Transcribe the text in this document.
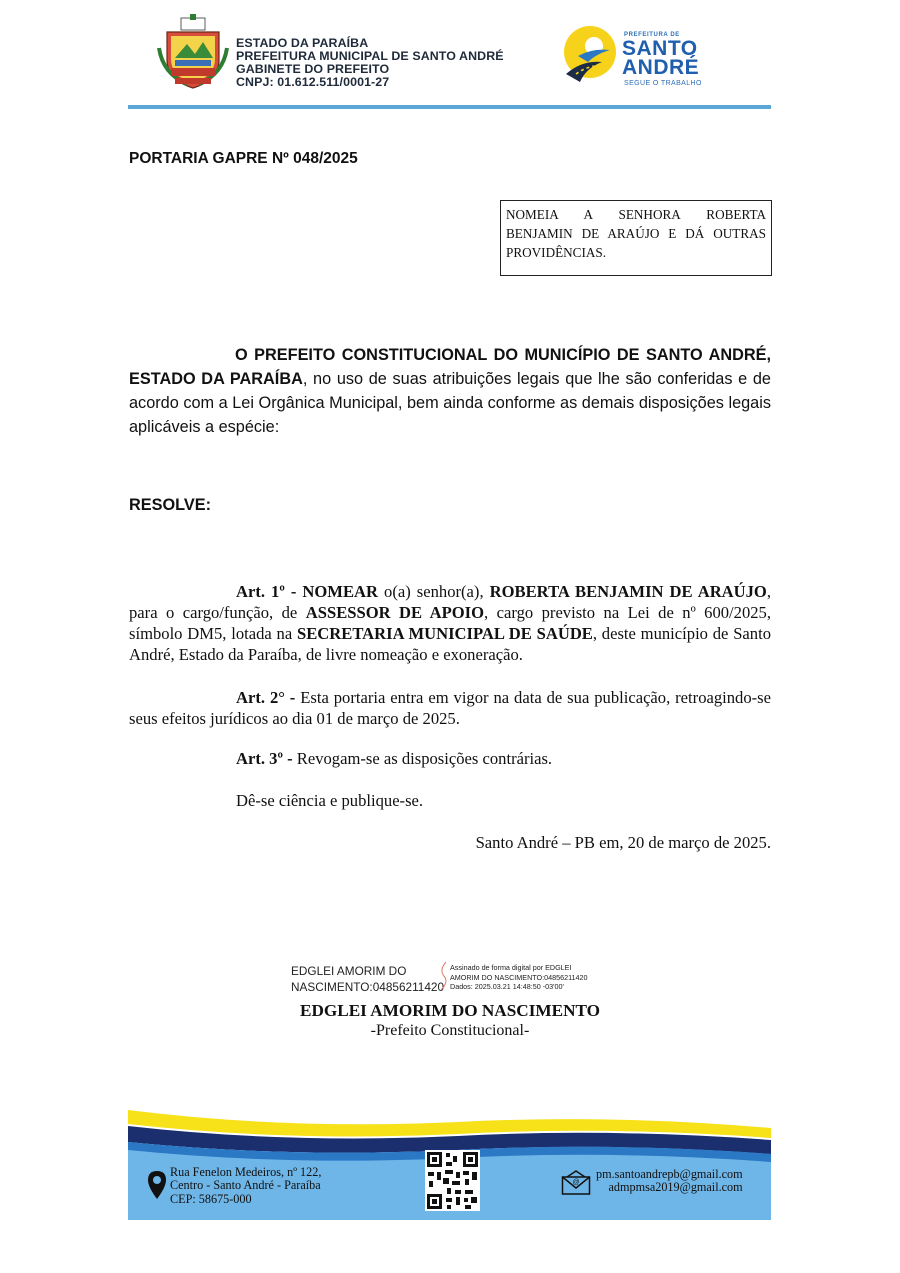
ESTADO DA PARAÍBA
PREFEITURA MUNICIPAL DE SANTO ANDRÉ
GABINETE DO PREFEITO
CNPJ: 01.612.511/0001-27
PREFEITURA DE
SANTO
ANDRÉ
SEGUE O TRABALHO
PORTARIA GAPRE Nº 048/2025
NOMEIA A SENHORA ROBERTA BENJAMIN DE ARAÚJO E DÁ OUTRAS PROVIDÊNCIAS.
O PREFEITO CONSTITUCIONAL DO MUNICÍPIO DE SANTO ANDRÉ, ESTADO DA PARAÍBA, no uso de suas atribuições legais que lhe são conferidas e de acordo com a Lei Orgânica Municipal, bem ainda conforme as demais disposições legais aplicáveis a espécie:
RESOLVE:
Art. 1º - NOMEAR o(a) senhor(a), ROBERTA BENJAMIN DE ARAÚJO, para o cargo/função, de ASSESSOR DE APOIO, cargo previsto na Lei de nº 600/2025, símbolo DM5, lotada na SECRETARIA MUNICIPAL DE SAÚDE, deste município de Santo André, Estado da Paraíba, de livre nomeação e exoneração.
Art. 2° - Esta portaria entra em vigor na data de sua publicação, retroagindo-se seus efeitos jurídicos ao dia 01 de março de 2025.
Art. 3º - Revogam-se as disposições contrárias.
Dê-se ciência e publique-se.
Santo André – PB em, 20 de março de 2025.
EDGLEI AMORIM DO
NASCIMENTO:04856211420
Assinado de forma digital por EDGLEI
AMORIM DO NASCIMENTO:04856211420
Dados: 2025.03.21 14:48:50 -03'00'
EDGLEI AMORIM DO NASCIMENTO
-Prefeito Constitucional-
Rua Fenelon Medeiros, nº 122,
Centro - Santo André - Paraíba
CEP: 58675-000
@
pm.santoandrepb@gmail.com
admpmsa2019@gmail.com
